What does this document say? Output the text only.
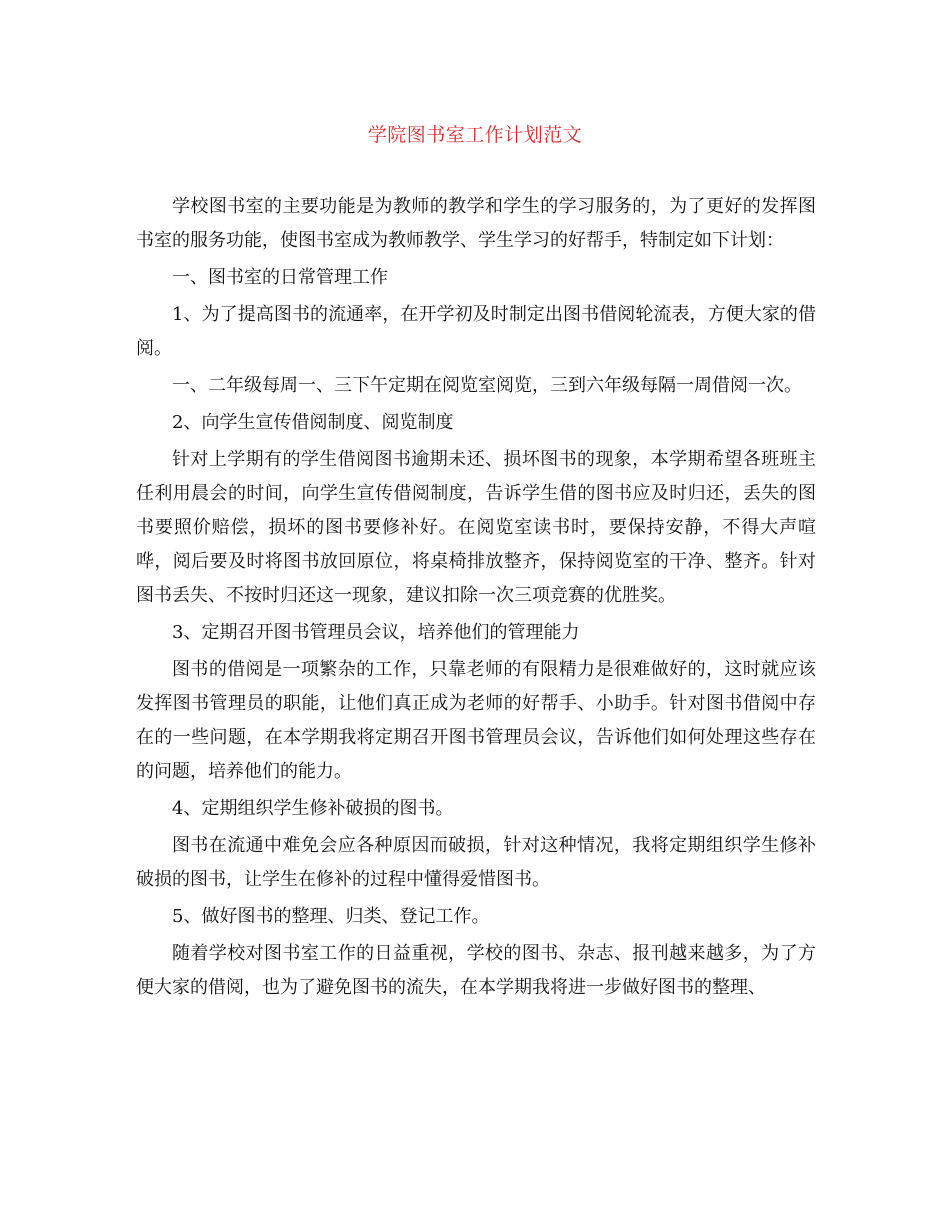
学院图书室工作计划范文

学校图书室的主要功能是为教师的教学和学生的学习服务的，为了更好的发挥图书室的服务功能，使图书室成为教师教学、学生学习的好帮手，特制定如下计划：

一、图书室的日常管理工作

1、为了提高图书的流通率，在开学初及时制定出图书借阅轮流表，方便大家的借阅。

一、二年级每周一、三下午定期在阅览室阅览，三到六年级每隔一周借阅一次。

2、向学生宣传借阅制度、阅览制度

针对上学期有的学生借阅图书逾期未还、损坏图书的现象，本学期希望各班班主任利用晨会的时间，向学生宣传借阅制度，告诉学生借的图书应及时归还，丢失的图书要照价赔偿，损坏的图书要修补好。在阅览室读书时，要保持安静，不得大声喧哗，阅后要及时将图书放回原位，将桌椅排放整齐，保持阅览室的干净、整齐。针对图书丢失、不按时归还这一现象，建议扣除一次三项竞赛的优胜奖。

3、定期召开图书管理员会议，培养他们的管理能力

图书的借阅是一项繁杂的工作，只靠老师的有限精力是很难做好的，这时就应该发挥图书管理员的职能，让他们真正成为老师的好帮手、小助手。针对图书借阅中存在的一些问题，在本学期我将定期召开图书管理员会议，告诉他们如何处理这些存在的问题，培养他们的能力。

4、定期组织学生修补破损的图书。

图书在流通中难免会应各种原因而破损，针对这种情况，我将定期组织学生修补破损的图书，让学生在修补的过程中懂得爱惜图书。

5、做好图书的整理、归类、登记工作。

随着学校对图书室工作的日益重视，学校的图书、杂志、报刊越来越多，为了方便大家的借阅，也为了避免图书的流失，在本学期我将进一步做好图书的整理、
